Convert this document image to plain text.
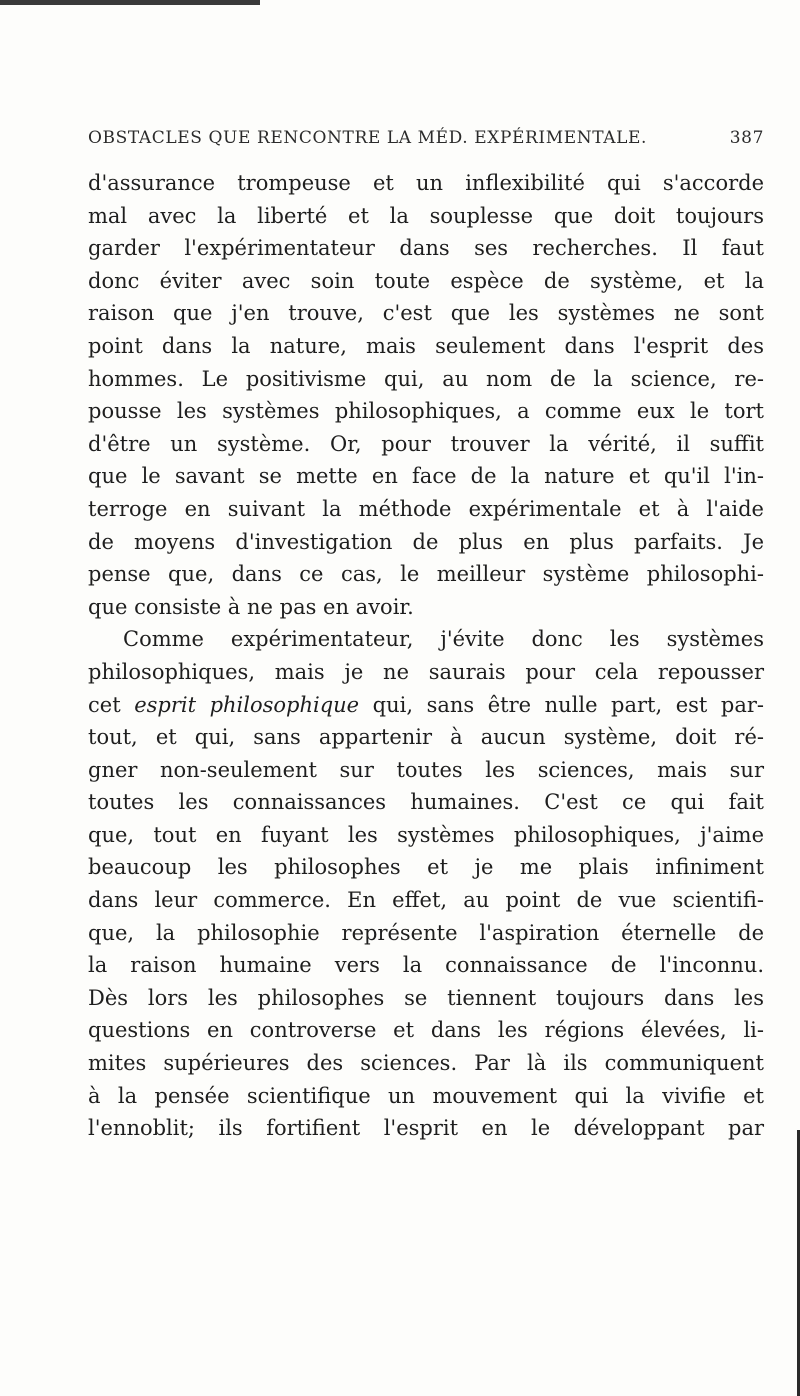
OBSTACLES QUE RENCONTRE LA MÉD. EXPÉRIMENTALE.	387
d'assurance trompeuse et un inflexibilité qui s'accorde
mal avec la liberté et la souplesse que doit toujours
garder l'expérimentateur dans ses recherches. Il faut
donc éviter avec soin toute espèce de système, et la
raison que j'en trouve, c'est que les systèmes ne sont
point dans la nature, mais seulement dans l'esprit des
hommes. Le positivisme qui, au nom de la science, re-
pousse les systèmes philosophiques, a comme eux le tort
d'être un système. Or, pour trouver la vérité, il suffit
que le savant se mette en face de la nature et qu'il l'in-
terroge en suivant la méthode expérimentale et à l'aide
de moyens d'investigation de plus en plus parfaits. Je
pense que, dans ce cas, le meilleur système philosophi-
que consiste à ne pas en avoir.
Comme expérimentateur, j'évite donc les systèmes
philosophiques, mais je ne saurais pour cela repousser
cet esprit philosophique qui, sans être nulle part, est par-
tout, et qui, sans appartenir à aucun système, doit ré-
gner non-seulement sur toutes les sciences, mais sur
toutes les connaissances humaines. C'est ce qui fait
que, tout en fuyant les systèmes philosophiques, j'aime
beaucoup les philosophes et je me plais infiniment
dans leur commerce. En effet, au point de vue scientifi-
que, la philosophie représente l'aspiration éternelle de
la raison humaine vers la connaissance de l'inconnu.
Dès lors les philosophes se tiennent toujours dans les
questions en controverse et dans les régions élevées, li-
mites supérieures des sciences. Par là ils communiquent
à la pensée scientifique un mouvement qui la vivifie et
l'ennoblit; ils fortifient l'esprit en le développant par
